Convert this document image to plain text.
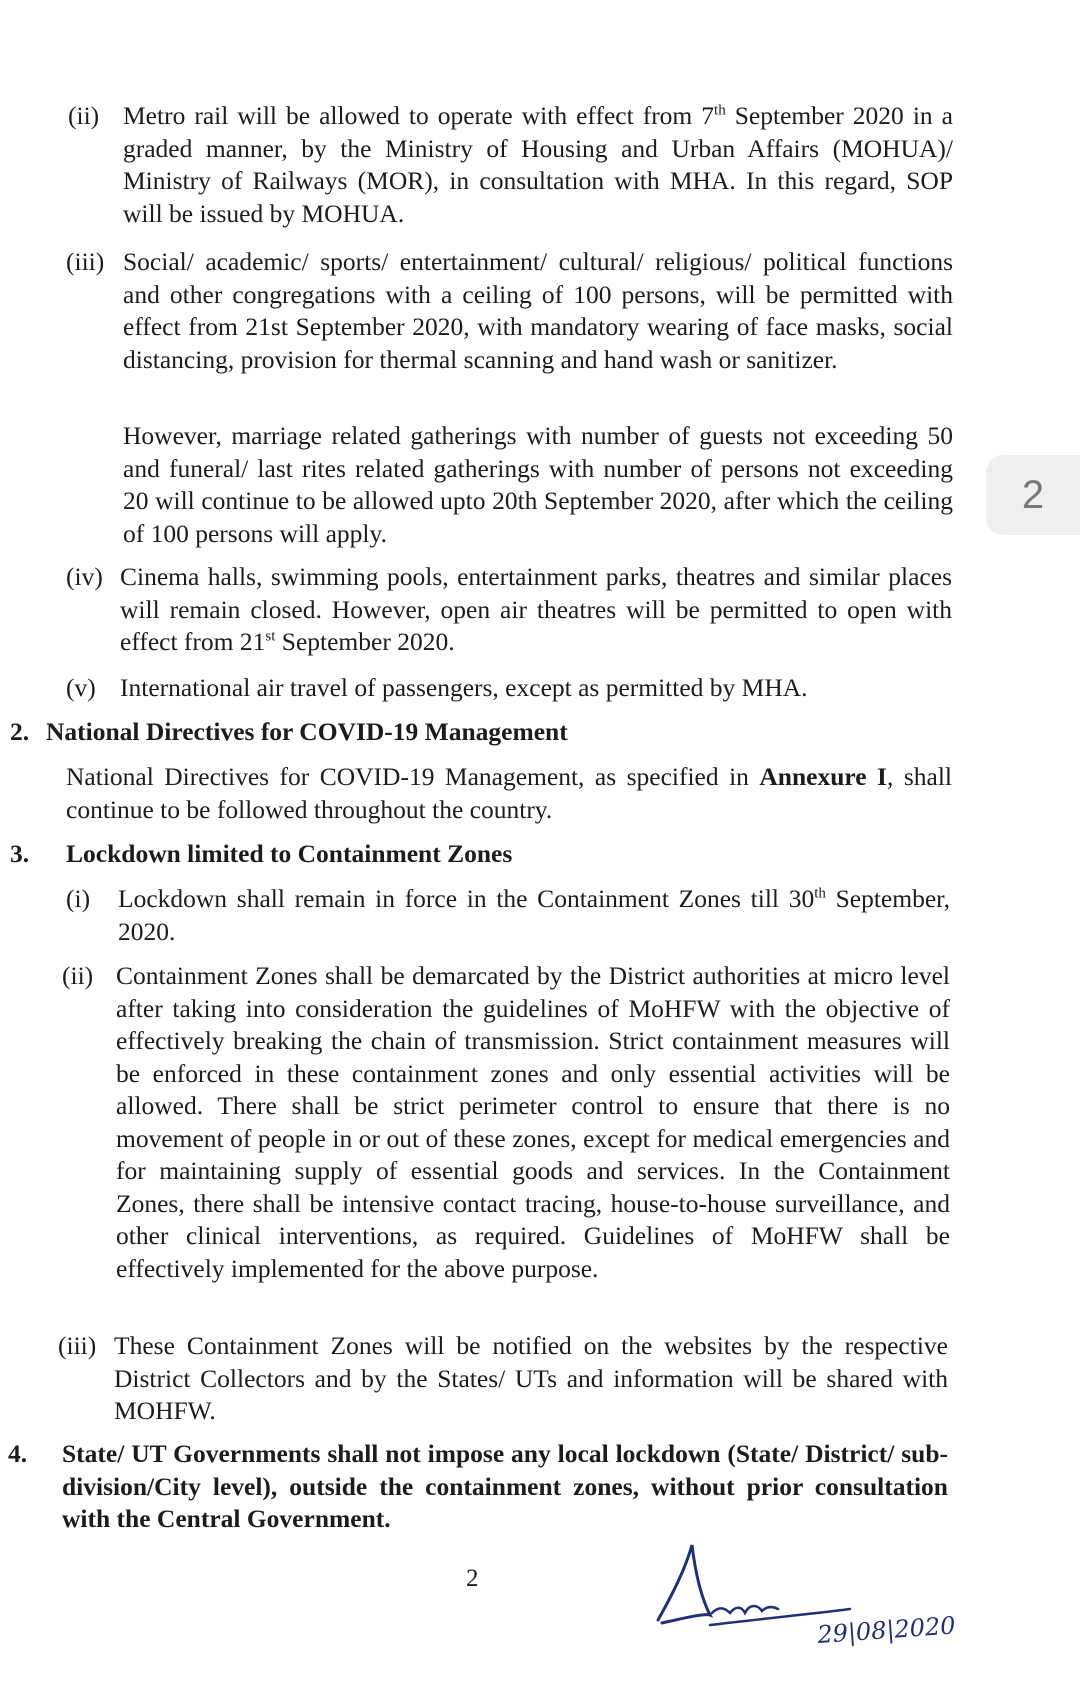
2
(ii) Metro rail will be allowed to operate with effect from 7th September 2020 in a graded manner, by the Ministry of Housing and Urban Affairs (MOHUA)/ Ministry of Railways (MOR), in consultation with MHA. In this regard, SOP will be issued by MOHUA.

(iii) Social/ academic/ sports/ entertainment/ cultural/ religious/ political functions and other congregations with a ceiling of 100 persons, will be permitted with effect from 21st September 2020, with mandatory wearing of face masks, social distancing, provision for thermal scanning and hand wash or sanitizer.

However, marriage related gatherings with number of guests not exceeding 50 and funeral/ last rites related gatherings with number of persons not exceeding 20 will continue to be allowed upto 20th September 2020, after which the ceiling of 100 persons will apply.

(iv) Cinema halls, swimming pools, entertainment parks, theatres and similar places will remain closed. However, open air theatres will be permitted to open with effect from 21st September 2020.

(v) International air travel of passengers, except as permitted by MHA.

2. National Directives for COVID-19 Management

National Directives for COVID-19 Management, as specified in Annexure I, shall continue to be followed throughout the country.

3. Lockdown limited to Containment Zones
(i) Lockdown shall remain in force in the Containment Zones till 30th September, 2020.

(ii) Containment Zones shall be demarcated by the District authorities at micro level after taking into consideration the guidelines of MoHFW with the objective of effectively breaking the chain of transmission. Strict containment measures will be enforced in these containment zones and only essential activities will be allowed. There shall be strict perimeter control to ensure that there is no movement of people in or out of these zones, except for medical emergencies and for maintaining supply of essential goods and services. In the Containment Zones, there shall be intensive contact tracing, house-to-house surveillance, and other clinical interventions, as required. Guidelines of MoHFW shall be effectively implemented for the above purpose.

(iii) These Containment Zones will be notified on the websites by the respective District Collectors and by the States/ UTs and information will be shared with MOHFW.

4. State/ UT Governments shall not impose any local lockdown (State/ District/ sub-division/City level), outside the containment zones, without prior consultation with the Central Government.

2
29|08|2020
